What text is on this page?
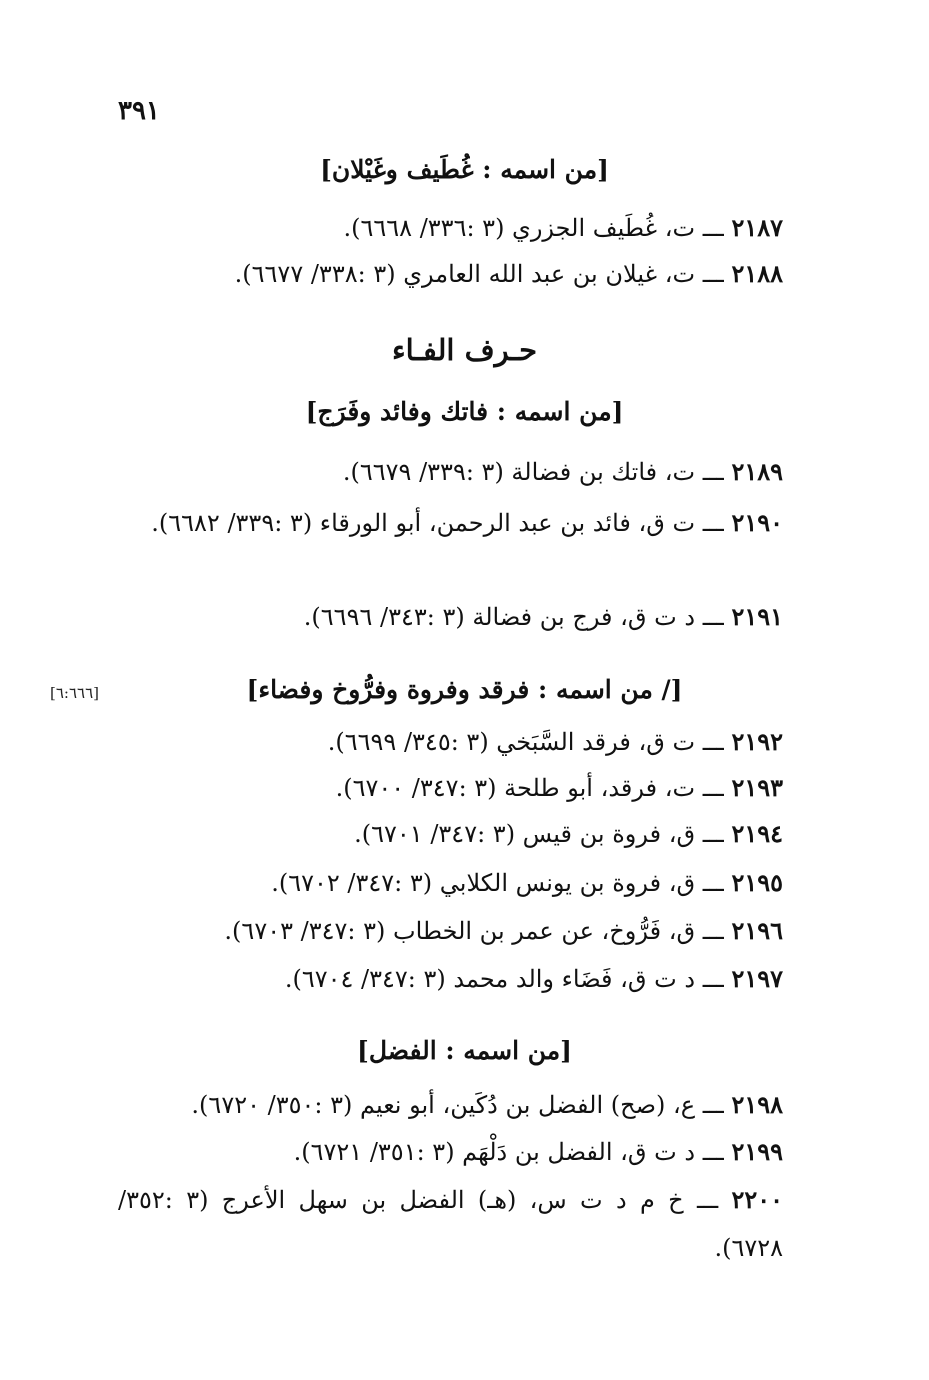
٣٩١
[من اسمه : غُطَيف وغَيْلان]
٢١٨٧ ـــ ت، غُطَيف الجزري (٣ :٣٣٦/ ٦٦٦٨).
٢١٨٨ ـــ ت، غيلان بن عبد الله العامري (٣ :٣٣٨/ ٦٦٧٧).
حـرف الفـاء
[من اسمه : فاتك وفائد وفَرَج]
٢١٨٩ ـــ ت، فاتك بن فضالة (٣ :٣٣٩/ ٦٦٧٩).
٢١٩٠ ـــ ت ق، فائد بن عبد الرحمن، أبو الورقاء (٣ :٣٣٩/ ٦٦٨٢).
٢١٩١ ـــ د ت ق، فرج بن فضالة (٣ :٣٤٣/ ٦٦٩٦).
[٦:٦٦٦]	[/ من اسمه : فرقد وفروة وفرُّوخ وفضاء]
٢١٩٢ ـــ ت ق، فرقد السَّبَخي (٣ :٣٤٥/ ٦٦٩٩).
٢١٩٣ ـــ ت، فرقد، أبو طلحة (٣ :٣٤٧/ ٦٧٠٠).
٢١٩٤ ـــ ق، فروة بن قيس (٣ :٣٤٧/ ٦٧٠١).
٢١٩٥ ـــ ق، فروة بن يونس الكلابي (٣ :٣٤٧/ ٦٧٠٢).
٢١٩٦ ـــ ق، فَرُّوخ، عن عمر بن الخطاب (٣ :٣٤٧/ ٦٧٠٣).
٢١٩٧ ـــ د ت ق، فَضَاء والد محمد (٣ :٣٤٧/ ٦٧٠٤).
[من اسمه : الفضل]
٢١٩٨ ـــ ع، (صح) الفضل بن دُكَين، أبو نعيم (٣ :٣٥٠/ ٦٧٢٠).
٢١٩٩ ـــ د ت ق، الفضل بن دَلْهَم (٣ :٣٥١/ ٦٧٢١).
٢٢٠٠ ـــ خ م د ت س، (هـ) الفضل بن سهل الأعرج (٣ :٣٥٢/ ٦٧٢٨).
